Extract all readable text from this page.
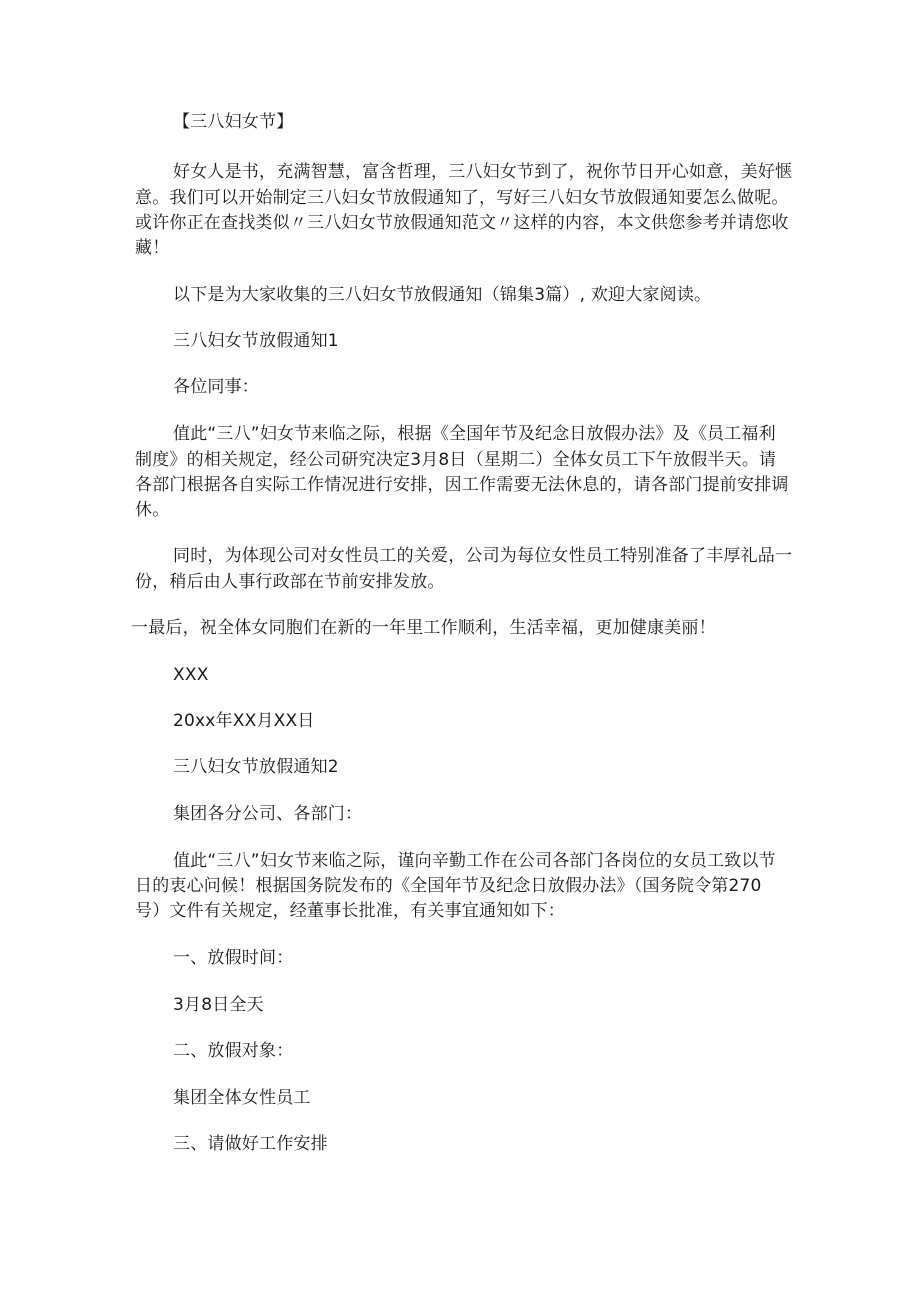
【三八妇女节】
好女人是书，充满智慧，富含哲理，三八妇女节到了，祝你节日开心如意，美好惬
意。我们可以开始制定三八妇女节放假通知了，写好三八妇女节放假通知要怎么做呢。
或许你正在查找类似〃三八妇女节放假通知范文〃这样的内容，本文供您参考并请您收
藏！
以下是为大家收集的三八妇女节放假通知（锦集3篇）, 欢迎大家阅读。
三八妇女节放假通知1
各位同事：
值此“三八”妇女节来临之际，根据《全国年节及纪念日放假办法》及《员工福利
制度》的相关规定，经公司研究决定3月8日（星期二）全体女员工下午放假半天。请
各部门根据各自实际工作情况进行安排，因工作需要无法休息的，请各部门提前安排调
休。
同时，为体现公司对女性员工的关爱，公司为每位女性员工特别准备了丰厚礼品一
份，稍后由人事行政部在节前安排发放。
一最后，祝全体女同胞们在新的一年里工作顺利，生活幸福，更加健康美丽！
XXX
20xx年XX月XX日
三八妇女节放假通知2
集团各分公司、各部门：
值此“三八”妇女节来临之际，谨向辛勤工作在公司各部门各岗位的女员工致以节
日的衷心问候！根据国务院发布的《全国年节及纪念日放假办法》（国务院令第270
号）文件有关规定，经董事长批准，有关事宜通知如下：
一、放假时间：
3月8日全天
二、放假对象：
集团全体女性员工
三、请做好工作安排
